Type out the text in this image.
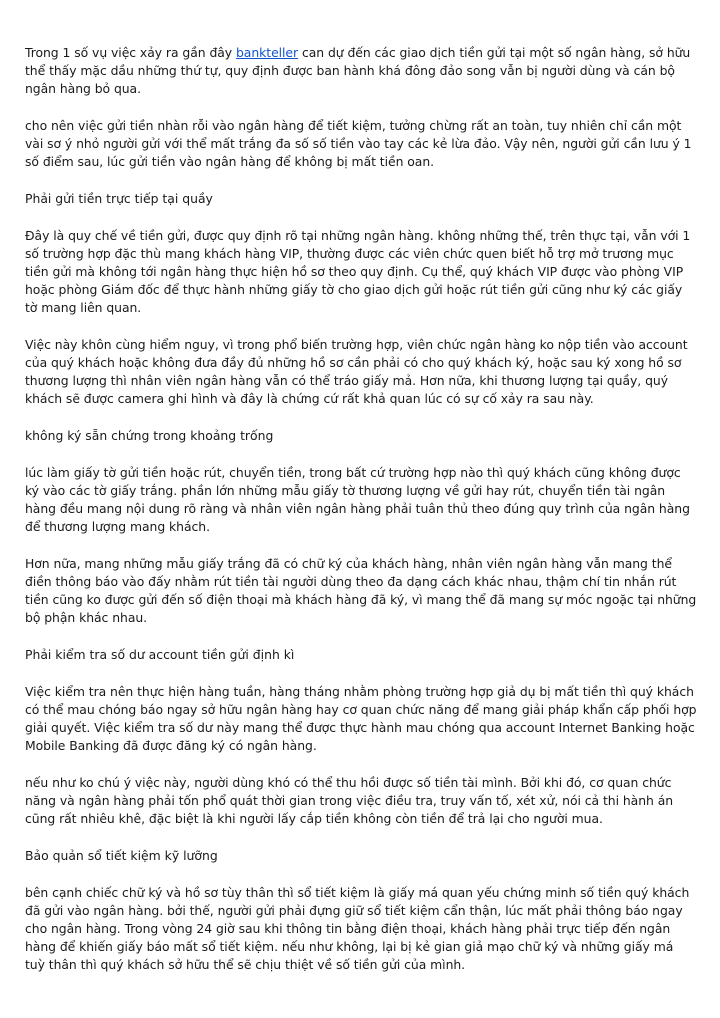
Trong 1 số vụ việc xảy ra gần đây bankteller can dự đến các giao dịch tiền gửi tại một số ngân hàng, sở hữu thể thấy mặc dầu những thứ tự, quy định được ban hành khá đông đảo song vẫn bị người dùng và cán bộ ngân hàng bỏ qua.

cho nên việc gửi tiền nhàn rỗi vào ngân hàng để tiết kiệm, tưởng chừng rất an toàn, tuy nhiên chỉ cần một vài sơ ý nhỏ người gửi với thể mất trắng đa số số tiền vào tay các kẻ lừa đảo. Vậy nên, người gửi cần lưu ý 1 số điểm sau, lúc gửi tiền vào ngân hàng để không bị mất tiền oan.

Phải gửi tiền trực tiếp tại quầy

Đây là quy chế về tiền gửi, được quy định rõ tại những ngân hàng. không những thế, trên thực tại, vẫn với 1 số trường hợp đặc thù mang khách hàng VIP, thường được các viên chức quen biết hỗ trợ mở trương mục tiền gửi mà không tới ngân hàng thực hiện hồ sơ theo quy định. Cụ thể, quý khách VIP được vào phòng VIP hoặc phòng Giám đốc để thực hành những giấy tờ cho giao dịch gửi hoặc rút tiền gửi cũng như ký các giấy tờ mang liên quan.

Việc này khôn cùng hiểm nguy, vì trong phổ biến trường hợp, viên chức ngân hàng ko nộp tiền vào account của quý khách hoặc không đưa đầy đủ những hồ sơ cần phải có cho quý khách ký, hoặc sau ký xong hồ sơ thương lượng thì nhân viên ngân hàng vẫn có thể tráo giấy mả. Hơn nữa, khi thương lượng tại quầy, quý khách sẽ được camera ghi hình và đây là chứng cứ rất khả quan lúc có sự cố xảy ra sau này.

không ký sẵn chứng trong khoảng trống

lúc làm giấy tờ gửi tiền hoặc rút, chuyển tiền, trong bất cứ trường hợp nào thì quý khách cũng không được ký vào các tờ giấy trắng. phần lớn những mẫu giấy tờ thương lượng về gửi hay rút, chuyển tiền tài ngân hàng đều mang nội dung rõ ràng và nhân viên ngân hàng phải tuân thủ theo đúng quy trình của ngân hàng để thương lượng mang khách.

Hơn nữa, mang những mẫu giấy trắng đã có chữ ký của khách hàng, nhân viên ngân hàng vẫn mang thể điền thông báo vào đấy nhằm rút tiền tài người dùng theo đa dạng cách khác nhau, thậm chí tin nhắn rút tiền cũng ko được gửi đến số điện thoại mà khách hàng đã ký, vì mang thể đã mang sự móc ngoặc tại những bộ phận khác nhau.

Phải kiểm tra số dư account tiền gửi định kì

Việc kiểm tra nên thực hiện hàng tuần, hàng tháng nhằm phòng trường hợp giả dụ bị mất tiền thì quý khách có thể mau chóng báo ngay sở hữu ngân hàng hay cơ quan chức năng để mang giải pháp khẩn cấp phối hợp giải quyết. Việc kiểm tra số dư này mang thể được thực hành mau chóng qua account Internet Banking hoặc Mobile Banking đã được đăng ký có ngân hàng.

nếu như ko chú ý việc này, người dùng khó có thể thu hồi được số tiền tài mình. Bởi khi đó, cơ quan chức năng và ngân hàng phải tốn phổ quát thời gian trong việc điều tra, truy vấn tố, xét xử, nói cả thi hành án cũng rất nhiêu khê, đặc biệt là khi người lấy cắp tiền không còn tiền để trả lại cho người mua.

Bảo quản sổ tiết kiệm kỹ lưỡng

bên cạnh chiếc chữ ký và hồ sơ tùy thân thì sổ tiết kiệm là giấy má quan yếu chứng minh số tiền quý khách đã gửi vào ngân hàng. bởi thế, người gửi phải đựng giữ sổ tiết kiệm cẩn thận, lúc mất phải thông báo ngay cho ngân hàng. Trong vòng 24 giờ sau khi thông tin bằng điện thoại, khách hàng phải trực tiếp đến ngân hàng để khiến giấy báo mất sổ tiết kiệm. nếu như không, lại bị kẻ gian giả mạo chữ ký và những giấy má tuỳ thân thì quý khách sở hữu thể sẽ chịu thiệt về số tiền gửi của mình.
